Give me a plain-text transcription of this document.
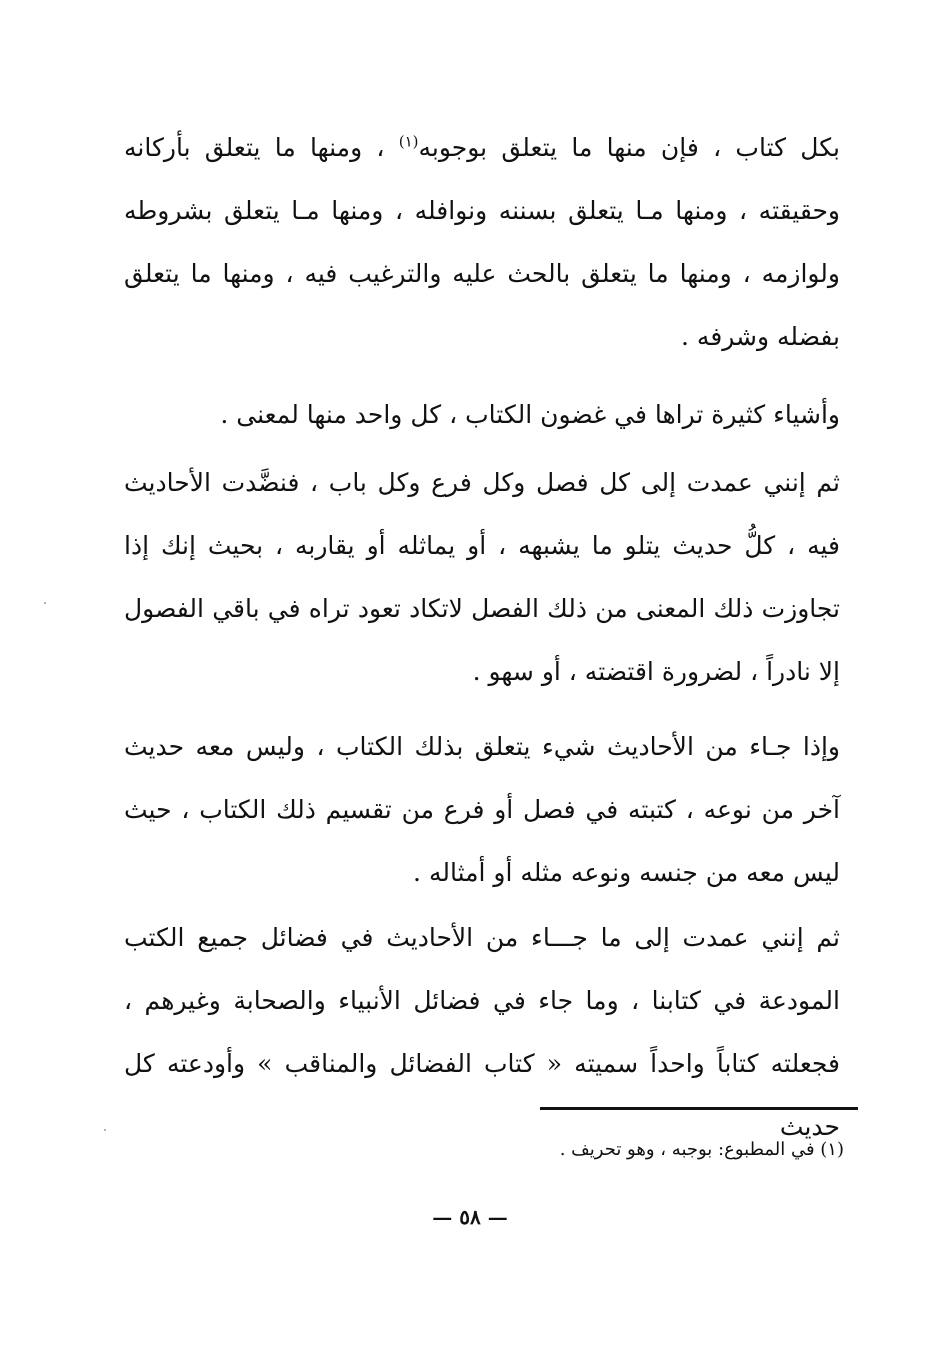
بكل كتاب ، فإن منها ما يتعلق بوجوبه$^{(١)}$ ، ومنها ما يتعلق بأركانه وحقيقته ، ومنها مـا يتعلق بسننه ونوافله ، ومنها مـا يتعلق بشروطه ولوازمه ، ومنها ما يتعلق بالحث عليه والترغيب فيه ، ومنها ما يتعلق بفضله وشرفه .

وأشياء كثيرة تراها في غضون الكتاب ، كل واحد منها لمعنى .

ثم إنني عمدت إلى كل فصل وكل فرع وكل باب ، فنضَّدت الأحاديث فيه ، كلُّ حديث يتلو ما يشبهه ، أو يماثله أو يقاربه ، بحيث إنك إذا تجاوزت ذلك المعنى من ذلك الفصل لاتكاد تعود تراه في باقي الفصول إلا نادراً ، لضرورة اقتضته ، أو سهو .

وإذا جـاء من الأحاديث شيء يتعلق بذلك الكتاب ، وليس معه حديث آخر من نوعه ، كتبته في فصل أو فرع من تقسيم ذلك الكتاب ، حيث ليس معه من جنسه ونوعه مثله أو أمثاله .

ثم إنني عمدت إلى ما جـــاء من الأحاديث في فضائل جميع الكتب المودعة في كتابنا ، وما جاء في فضائل الأنبياء والصحابة وغيرهم ، فجعلته كتاباً واحداً سميته « كتاب الفضائل والمناقب » وأودعته كل حديث

(١) في المطبوع: بوجبه ، وهو تحريف .
— ٥٨ —
